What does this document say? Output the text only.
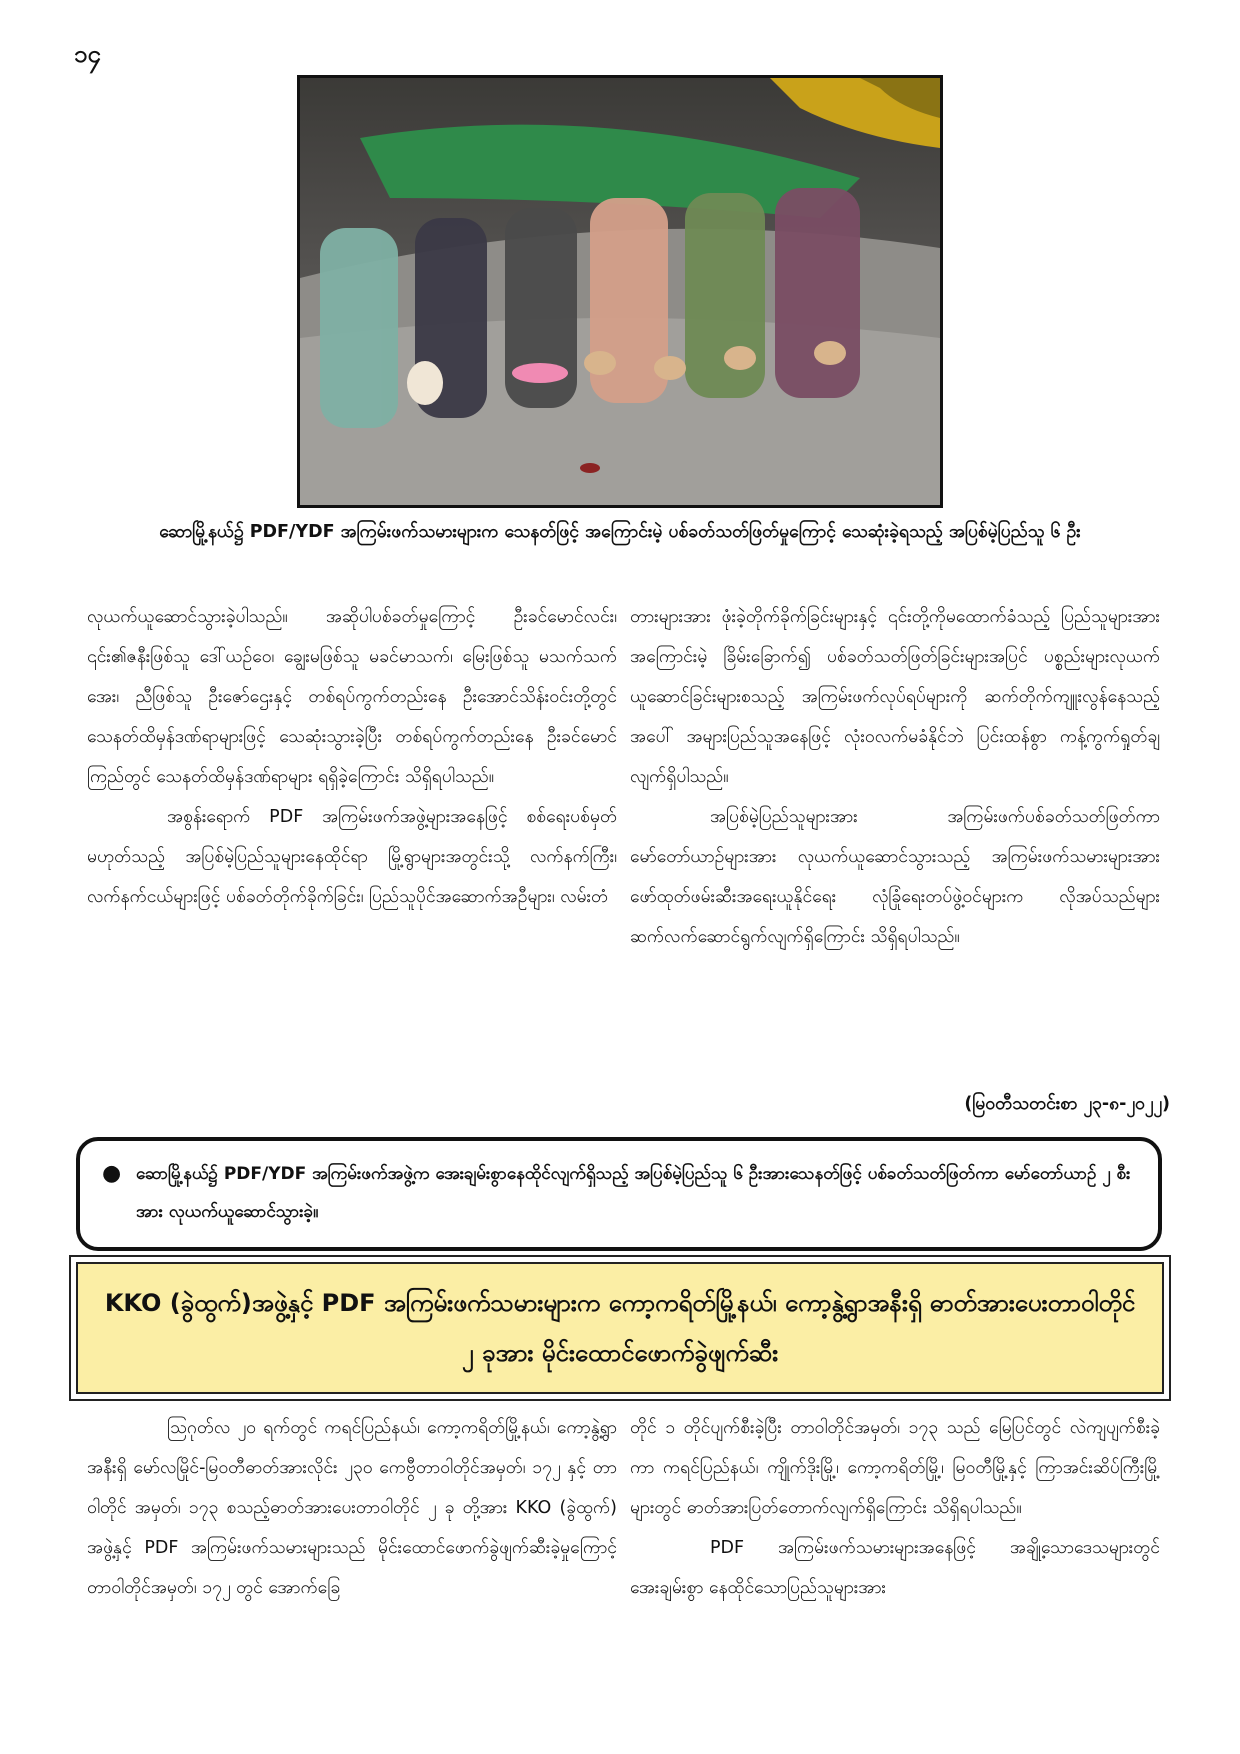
၁၄
ဆောမြို့နယ်၌ PDF/YDF အကြမ်းဖက်သမားများက သေနတ်ဖြင့် အကြောင်းမဲ့ ပစ်ခတ်သတ်ဖြတ်မှုကြောင့် သေဆုံးခဲ့ရသည့် အပြစ်မဲ့ပြည်သူ ၆ ဦး

လုယက်ယူဆောင်သွားခဲ့ပါသည်။ အဆိုပါပစ်ခတ်မှုကြောင့် ဦးခင်မောင်လင်း၊ ၎င်း၏ဇနီးဖြစ်သူ ဒေါ်ယဉ်ဝေ၊ ချွေးမဖြစ်သူ မခင်မာသက်၊ မြေးဖြစ်သူ မသက်သက်အေး၊ ညီဖြစ်သူ ဦးဇော်ဌေးနှင့် တစ်ရပ်ကွက်တည်းနေ ဦးအောင်သိန်းဝင်းတို့တွင် သေနတ်ထိမှန်ဒဏ်ရာများဖြင့် သေဆုံးသွားခဲ့ပြီး တစ်ရပ်ကွက်တည်းနေ ဦးခင်မောင်ကြည်တွင် သေနတ်ထိမှန်ဒဏ်ရာများ ရရှိခဲ့ကြောင်း သိရှိရပါသည်။

အစွန်းရောက် PDF အကြမ်းဖက်အဖွဲ့များအနေဖြင့် စစ်ရေးပစ်မှတ်မဟုတ်သည့် အပြစ်မဲ့ပြည်သူများနေထိုင်ရာ မြို့ရွာများအတွင်းသို့ လက်နက်ကြီး၊ လက်နက်ငယ်များဖြင့် ပစ်ခတ်တိုက်ခိုက်ခြင်း၊ ပြည်သူပိုင်အဆောက်အဦများ၊ လမ်းတံ

တားများအား ဖုံးခဲ့တိုက်ခိုက်ခြင်းများနှင့် ၎င်းတို့ကိုမထောက်ခံသည့် ပြည်သူများအား အကြောင်းမဲ့ ခြိမ်းခြောက်၍ ပစ်ခတ်သတ်ဖြတ်ခြင်းများအပြင် ပစ္စည်းများလုယက်ယူဆောင်ခြင်းများစသည့် အကြမ်းဖက်လုပ်ရပ်များကို ဆက်တိုက်ကျူးလွန်နေသည့်အပေါ် အများပြည်သူအနေဖြင့် လုံးဝလက်မခံနိုင်ဘဲ ပြင်းထန်စွာ ကန့်ကွက်ရှုတ်ချလျက်ရှိပါသည်။

အပြစ်မဲ့ပြည်သူများအား အကြမ်းဖက်ပစ်ခတ်သတ်ဖြတ်ကာ မော်တော်ယာဉ်များအား လုယက်ယူဆောင်သွားသည့် အကြမ်းဖက်သမားများအား ဖော်ထုတ်ဖမ်းဆီးအရေးယူနိုင်ရေး လုံခြုံရေးတပ်ဖွဲ့ဝင်များက လိုအပ်သည်များ ဆက်လက်ဆောင်ရွက်လျက်ရှိကြောင်း သိရှိရပါသည်။

(မြဝတီသတင်းစာ ၂၃-၈-၂၀၂၂)
● ဆောမြို့နယ်၌ PDF/YDF အကြမ်းဖက်အဖွဲ့က အေးချမ်းစွာနေထိုင်လျက်ရှိသည့် အပြစ်မဲ့ပြည်သူ ၆ ဦးအားသေနတ်ဖြင့် ပစ်ခတ်သတ်ဖြတ်ကာ မော်တော်ယာဉ် ၂ စီးအား လုယက်ယူဆောင်သွားခဲ့။

KKO (ခွဲထွက်)အဖွဲ့နှင့် PDF အကြမ်းဖက်သမားများက ကော့ကရိတ်မြို့နယ်၊ ကော့နွဲ့ရွာအနီးရှိ ဓာတ်အားပေးတာဝါတိုင် ၂ ခုအား မိုင်းထောင်ဖောက်ခွဲဖျက်ဆီး

ဩဂုတ်လ ၂၀ ရက်တွင် ကရင်ပြည်နယ်၊ ကော့ကရိတ်မြို့နယ်၊ ကော့နွဲ့ရွာအနီးရှိ မော်လမြိုင်-မြဝတီဓာတ်အားလိုင်း ၂၃၀ ကေဗွီတာဝါတိုင်အမှတ်၊ ၁၇၂ နှင့် တာဝါတိုင် အမှတ်၊ ၁၇၃ စသည့်ဓာတ်အားပေးတာဝါတိုင် ၂ ခု တို့အား KKO (ခွဲထွက်) အဖွဲ့နှင့် PDF အကြမ်းဖက်သမားများသည် မိုင်းထောင်ဖောက်ခွဲဖျက်ဆီးခဲ့မှုကြောင့် တာဝါတိုင်အမှတ်၊ ၁၇၂ တွင် အောက်ခြေ

တိုင် ၁ တိုင်ပျက်စီးခဲ့ပြီး တာဝါတိုင်အမှတ်၊ ၁၇၃ သည် မြေပြင်တွင် လဲကျပျက်စီးခဲ့ကာ ကရင်ပြည်နယ်၊ ကျိုက်ဒိုးမြို့၊ ကော့ကရိတ်မြို့၊ မြဝတီမြို့နှင့် ကြာအင်းဆိပ်ကြီးမြို့များတွင် ဓာတ်အားပြတ်တောက်လျက်ရှိကြောင်း သိရှိရပါသည်။

PDF အကြမ်းဖက်သမားများအနေဖြင့် အချို့သောဒေသများတွင် အေးချမ်းစွာ နေထိုင်သောပြည်သူများအား
